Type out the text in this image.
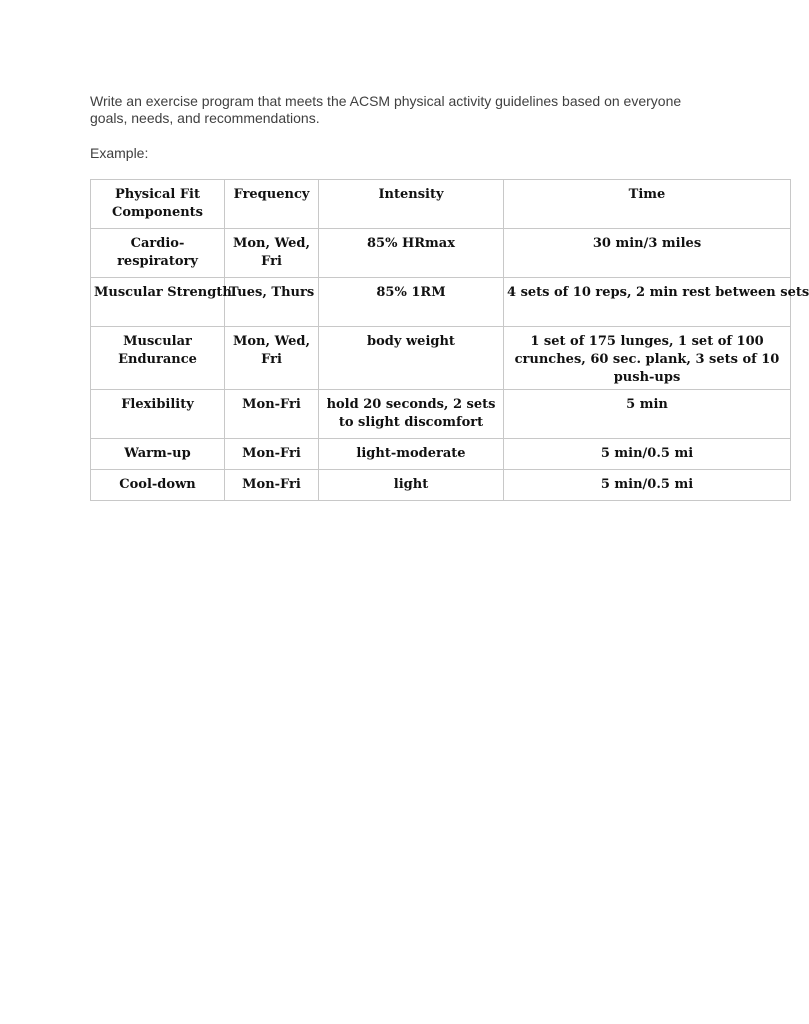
Write an exercise program that meets the ACSM physical activity guidelines based on everyone goals, needs, and recommendations.

Example:

Physical Fit Components	Frequency	Intensity	Time
Cardio-respiratory	Mon, Wed, Fri	85% HRmax	30 min/3 miles
Muscular Strength	Tues, Thurs	85% 1RM	4 sets of 10 reps, 2 min rest between sets
Muscular Endurance	Mon, Wed, Fri	body weight	1 set of 175 lunges, 1 set of 100 crunches, 60 sec. plank, 3 sets of 10 push-ups
Flexibility	Mon-Fri	hold 20 seconds, 2 sets to slight discomfort	5 min
Warm-up	Mon-Fri	light-moderate	5 min/0.5 mi
Cool-down	Mon-Fri	light	5 min/0.5 mi
